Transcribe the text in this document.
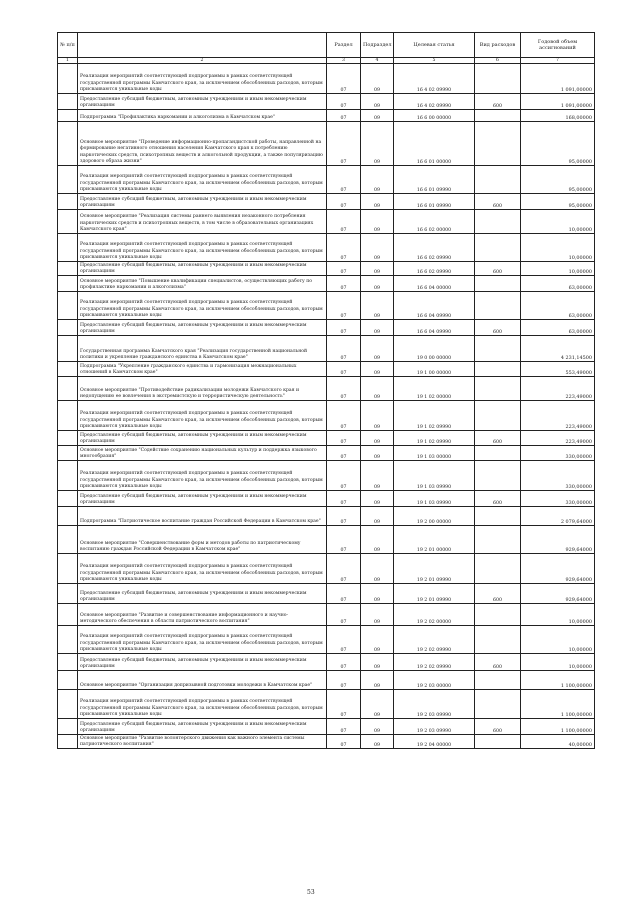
№ п/п		Раздел	Подраздел	Целевая статья	Вид расходов	Годовой объем ассигнований
1	2	3	4	5	6	7
	Реализация мероприятий соответствующей подпрограммы в рамках соответствующей государственной программы Камчатского края, за исключением обособленных расходов, которым присваиваются уникальные коды	07	09	16 4 02 09990		1 091,00000
	Предоставление субсидий бюджетным, автономным учреждениям и иным некоммерческим организациям	07	09	16 4 02 09990	600	1 091,00000
	Подпрограмма "Профилактика наркомании и алкоголизма в Камчатском крае"	07	09	16 6 00 00000		168,00000
	Основное мероприятие "Проведение информационно-пропагандистской работы, направленной на формирование негативного отношения населения Камчатского края к потреблению наркотических средств, психотропных веществ и алкогольной продукции, а также популяризацию здорового образа жизни"	07	09	16 6 01 00000		95,00000
	Реализация мероприятий соответствующей подпрограммы в рамках соответствующей государственной программы Камчатского края, за исключением обособленных расходов, которым присваиваются уникальные коды	07	09	16 6 01 09990		95,00000
	Предоставление субсидий бюджетным, автономным учреждениям и иным некоммерческим организациям	07	09	16 6 01 09990	600	95,00000
	Основное мероприятие "Реализация системы раннего выявления незаконного потребления наркотических средств и психотропных веществ, в том числе в образовательных организациях Камчатского края"	07	09	16 6 02 00000		10,00000
	Реализация мероприятий соответствующей подпрограммы в рамках соответствующей государственной программы Камчатского края, за исключением обособленных расходов, которым присваиваются уникальные коды	07	09	16 6 02 09990		10,00000
	Предоставление субсидий бюджетным, автономным учреждениям и иным некоммерческим организациям	07	09	16 6 02 09990	600	10,00000
	Основное мероприятие "Повышение квалификации специалистов, осуществляющих работу по профилактике наркомании и алкоголизма"	07	09	16 6 04 00000		63,00000
	Реализация мероприятий соответствующей подпрограммы в рамках соответствующей государственной программы Камчатского края, за исключением обособленных расходов, которым присваиваются уникальные коды	07	09	16 6 04 09990		63,00000
	Предоставление субсидий бюджетным, автономным учреждениям и иным некоммерческим организациям	07	09	16 6 04 09990	600	63,00000
	Государственная программа Камчатского края "Реализация государственной национальной политики и укрепление гражданского единства в Камчатском крае"	07	09	19 0 00 00000		4 231,14500
	Подпрограмма "Укрепление гражданского единства и гармонизация межнациональных отношений в Камчатском крае"	07	09	19 1 00 00000		553,49000
	Основное мероприятие "Противодействие радикализации молодежи Камчатского края и недопущению ее вовлечения в экстремистскую и террористическую деятельность"	07	09	19 1 02 00000		223,49000
	Реализация мероприятий соответствующей подпрограммы в рамках соответствующей государственной программы Камчатского края, за исключением обособленных расходов, которым присваиваются уникальные коды	07	09	19 1 02 09990		223,49000
	Предоставление субсидий бюджетным, автономным учреждениям и иным некоммерческим организациям	07	09	19 1 02 09990	600	223,49000
	Основное мероприятие "Содействие сохранению национальных культур и поддержка языкового многообразия"	07	09	19 1 03 00000		330,00000
	Реализация мероприятий соответствующей подпрограммы в рамках соответствующей государственной программы Камчатского края, за исключением обособленных расходов, которым присваиваются уникальные коды	07	09	19 1 03 09990		330,00000
	Предоставление субсидий бюджетным, автономным учреждениям и иным некоммерческим организациям	07	09	19 1 03 09990	600	330,00000
	Подпрограмма "Патриотическое воспитание граждан Российской Федерации в Камчатском крае"	07	09	19 2 00 00000		2 079,64000
	Основное мероприятие "Совершенствование форм и методов работы по патриотическому воспитанию граждан Российской Федерации в Камчатском крае"	07	09	19 2 01 00000		929,64000
	Реализация мероприятий соответствующей подпрограммы в рамках соответствующей государственной программы Камчатского края, за исключением обособленных расходов, которым присваиваются уникальные коды	07	09	19 2 01 09990		929,64000
	Предоставление субсидий бюджетным, автономным учреждениям и иным некоммерческим организациям	07	09	19 2 01 09990	600	929,64000
	Основное мероприятие "Развитие и совершенствование информационного и научно-методического обеспечения в области патриотического воспитания"	07	09	19 2 02 00000		10,00000
	Реализация мероприятий соответствующей подпрограммы в рамках соответствующей государственной программы Камчатского края, за исключением обособленных расходов, которым присваиваются уникальные коды	07	09	19 2 02 09990		10,00000
	Предоставление субсидий бюджетным, автономным учреждениям и иным некоммерческим организациям	07	09	19 2 02 09990	600	10,00000
	Основное мероприятие "Организация допризывной подготовки молодежи в Камчатском крае"	07	09	19 2 03 00000		1 100,00000
	Реализация мероприятий соответствующей подпрограммы в рамках соответствующей государственной программы Камчатского края, за исключением обособленных расходов, которым присваиваются уникальные коды	07	09	19 2 03 09990		1 100,00000
	Предоставление субсидий бюджетным, автономным учреждениям и иным некоммерческим организациям	07	09	19 2 03 09990	600	1 100,00000
	Основное мероприятие "Развитие волонтерского движения как важного элемента системы патриотического воспитания"	07	09	19 2 04 00000		40,00000
53
